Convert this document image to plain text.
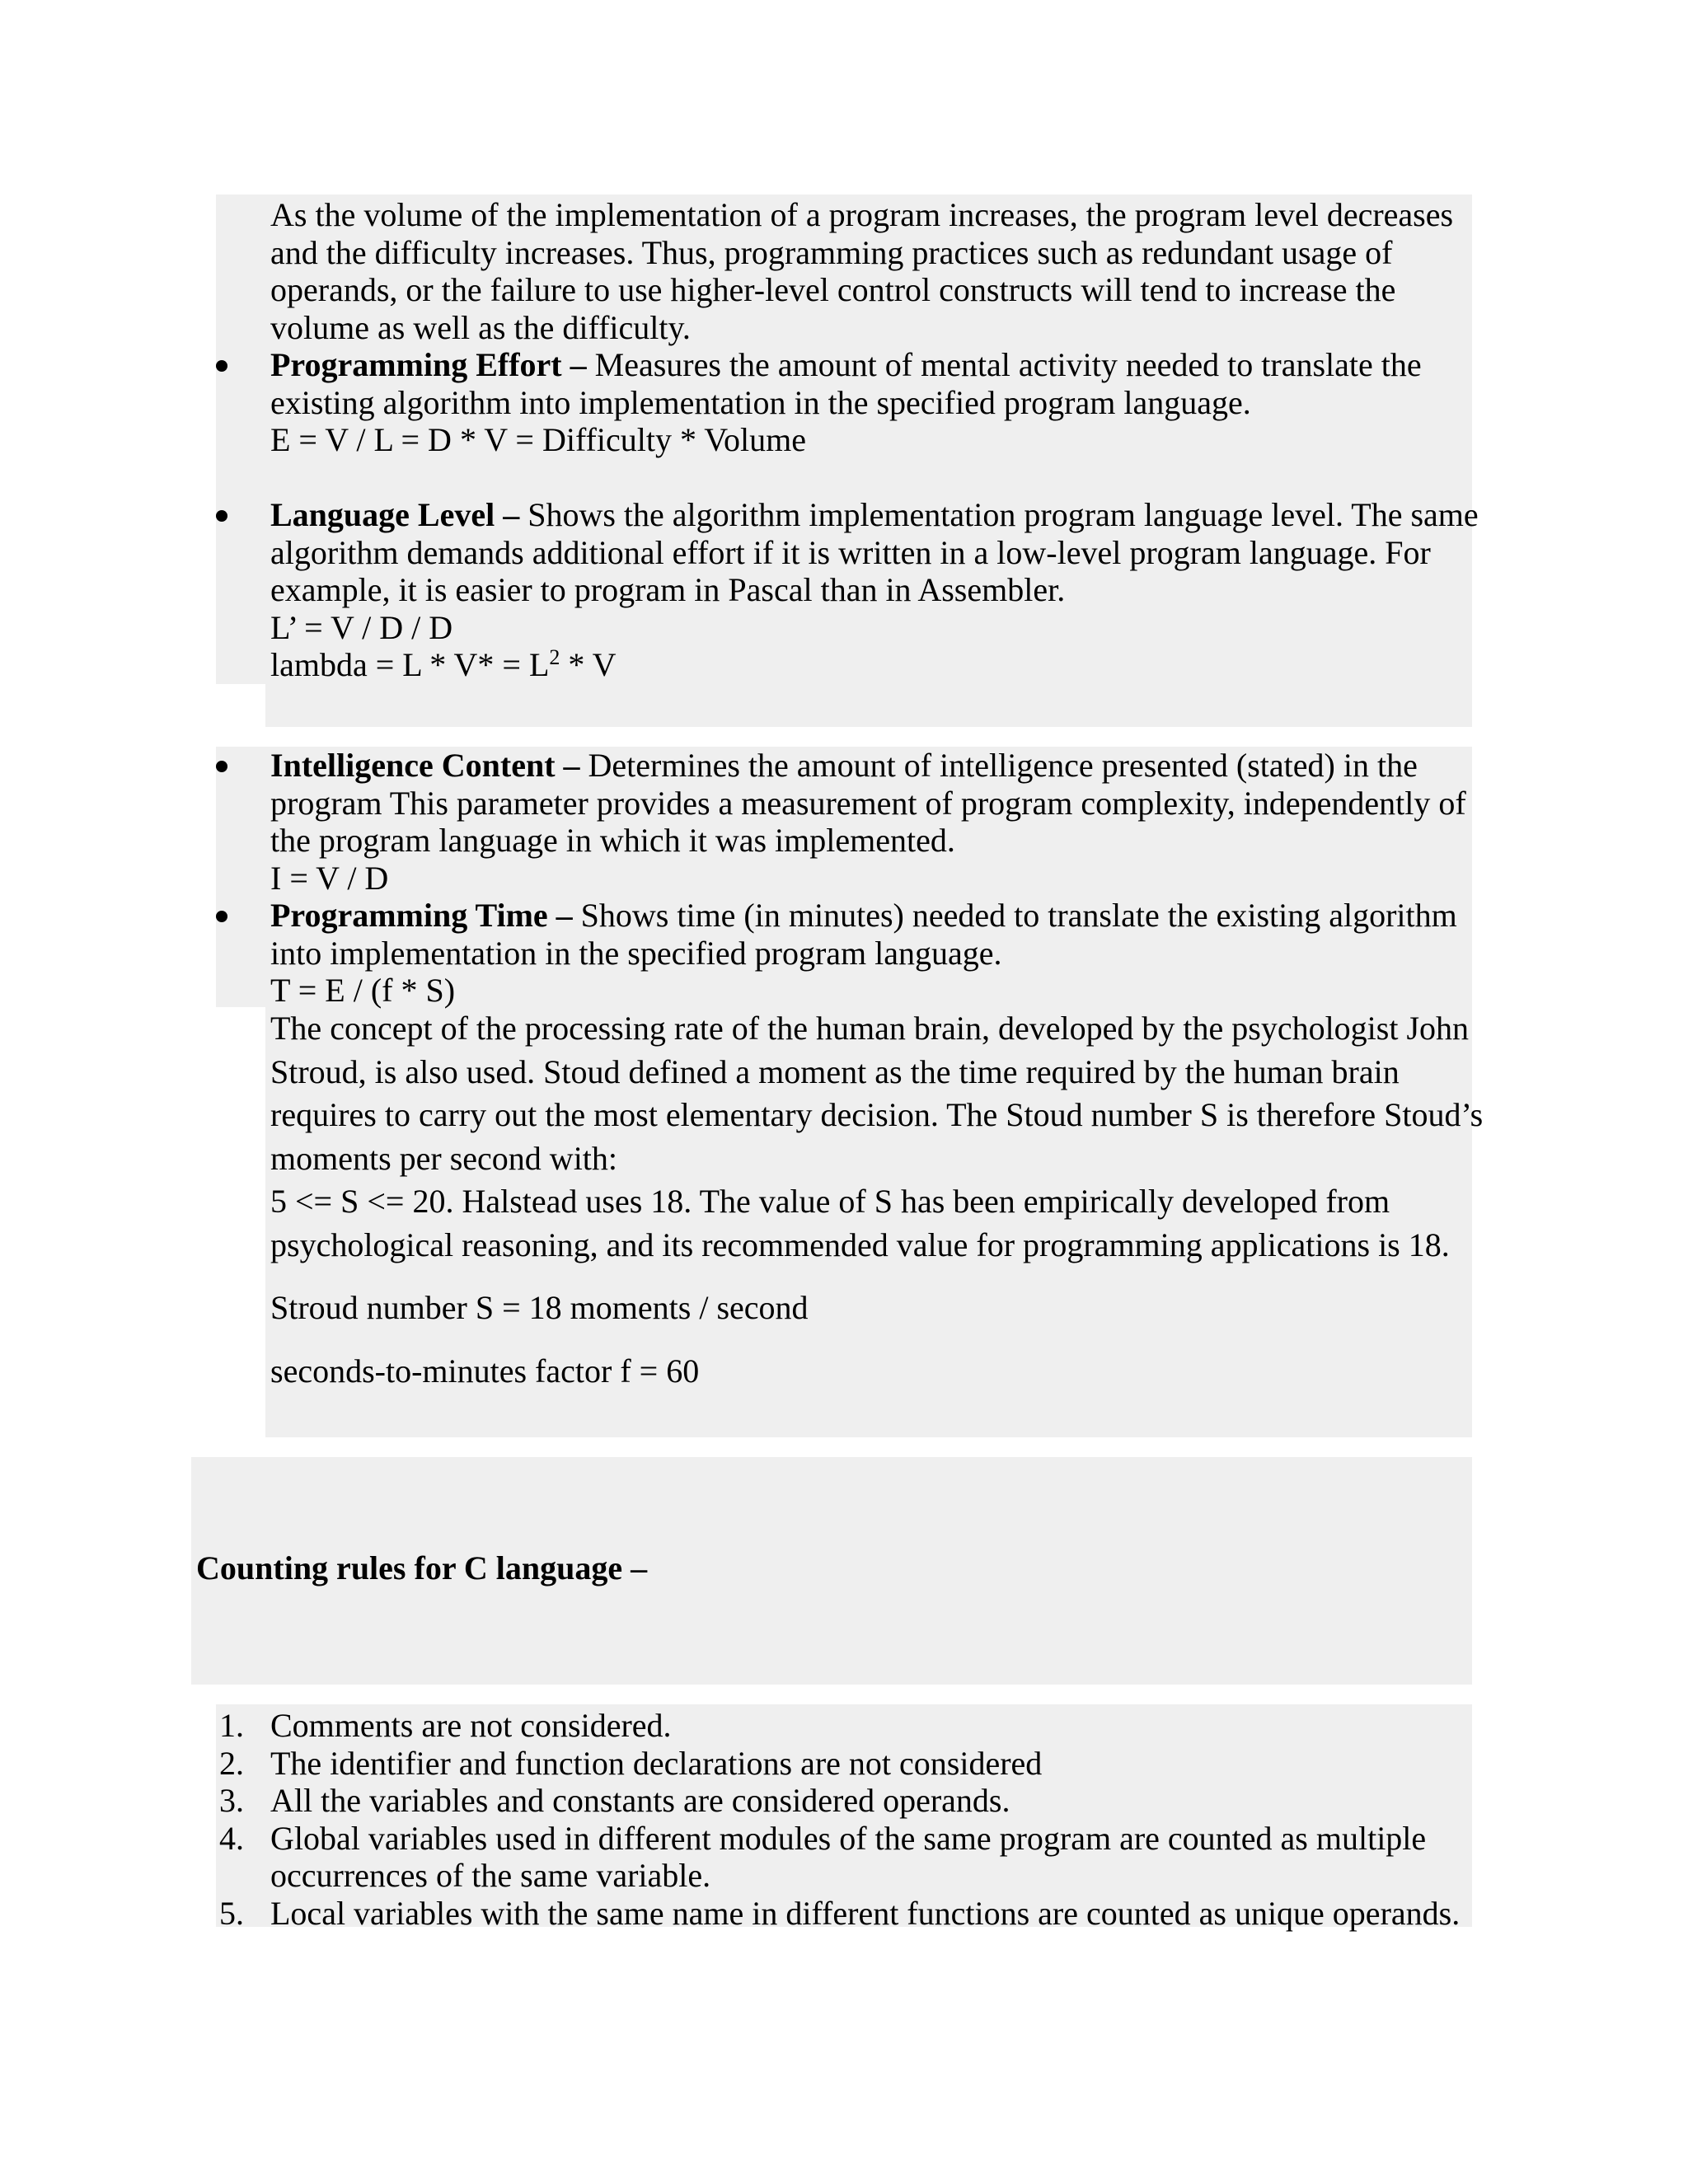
As the volume of the implementation of a program increases, the program level decreases
and the difficulty increases. Thus, programming practices such as redundant usage of
operands, or the failure to use higher-level control constructs will tend to increase the
volume as well as the difficulty.
Programming Effort – Measures the amount of mental activity needed to translate the
existing algorithm into implementation in the specified program language.
E = V / L = D * V = Difficulty * Volume
Language Level – Shows the algorithm implementation program language level. The same
algorithm demands additional effort if it is written in a low-level program language. For
example, it is easier to program in Pascal than in Assembler.
L’ = V / D / D
lambda = $L * V* = L^2 * V$
Intelligence Content – Determines the amount of intelligence presented (stated) in the
program This parameter provides a measurement of program complexity, independently of
the program language in which it was implemented.
I = V / D
Programming Time – Shows time (in minutes) needed to translate the existing algorithm
into implementation in the specified program language.
T = E / (f * S)
The concept of the processing rate of the human brain, developed by the psychologist John
Stroud, is also used. Stoud defined a moment as the time required by the human brain
requires to carry out the most elementary decision. The Stoud number S is therefore Stoud’s
moments per second with:
5 <= S <= 20. Halstead uses 18. The value of S has been empirically developed from
psychological reasoning, and its recommended value for programming applications is 18.
Stroud number S = 18 moments / second
seconds-to-minutes factor f = 60
Counting rules for C language –
1. Comments are not considered.
2. The identifier and function declarations are not considered
3. All the variables and constants are considered operands.
4. Global variables used in different modules of the same program are counted as multiple
occurrences of the same variable.
5. Local variables with the same name in different functions are counted as unique operands.
